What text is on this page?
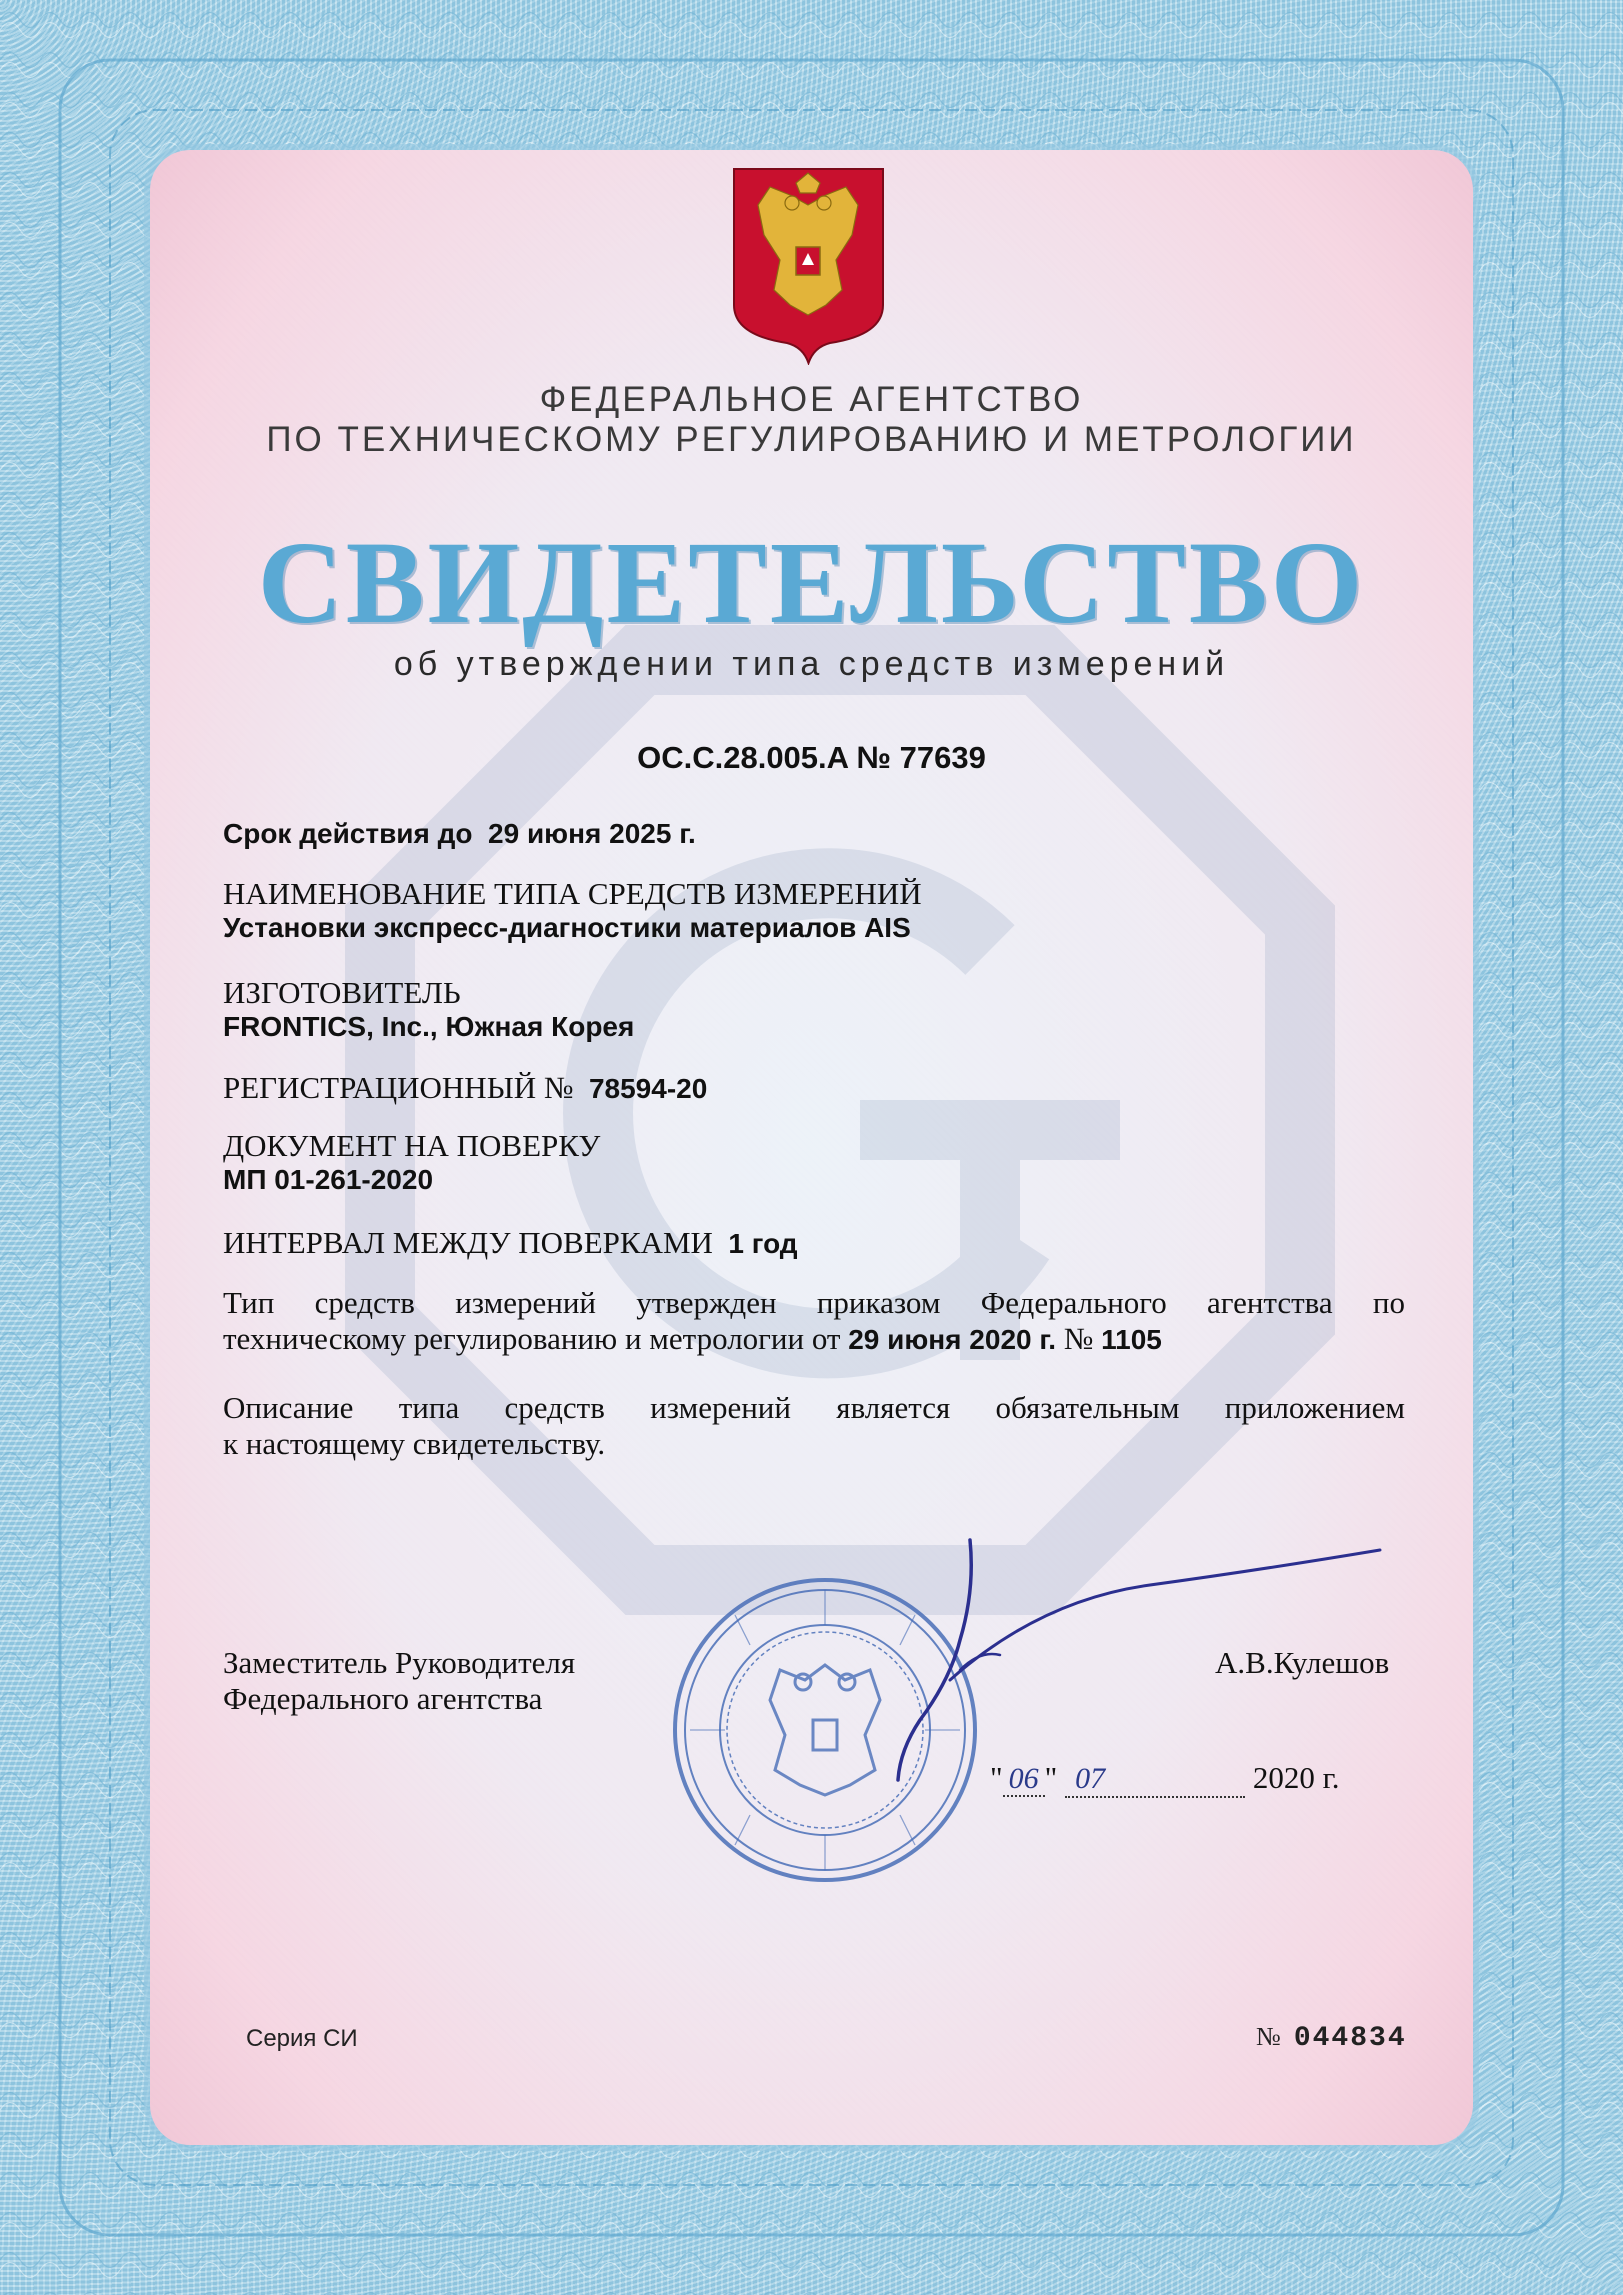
ФЕДЕРАЛЬНОЕ АГЕНТСТВО
ПО ТЕХНИЧЕСКОМУ РЕГУЛИРОВАНИЮ И МЕТРОЛОГИИ
СВИДЕТЕЛЬСТВО
об утверждении типа средств измерений
OC.C.28.005.A № 77639
Срок действия до 29 июня 2025 г.
НАИМЕНОВАНИЕ ТИПА СРЕДСТВ ИЗМЕРЕНИЙ
Установки экспресс-диагностики материалов AIS
ИЗГОТОВИТЕЛЬ
FRONTICS, Inc., Южная Корея
РЕГИСТРАЦИОННЫЙ № 78594-20
ДОКУМЕНТ НА ПОВЕРКУ
МП 01-261-2020
ИНТЕРВАЛ МЕЖДУ ПОВЕРКАМИ 1 год
Тип средств измерений утвержден приказом Федерального агентства по
техническому регулированию и метрологии от 29 июня 2020 г. № 1105
Описание типа средств измерений является обязательным приложением
к настоящему свидетельству.
Заместитель Руководителя
Федерального агентства
А.В.Кулешов
" 06 " 07	2020 г.
Серия СИ	№ 044834
